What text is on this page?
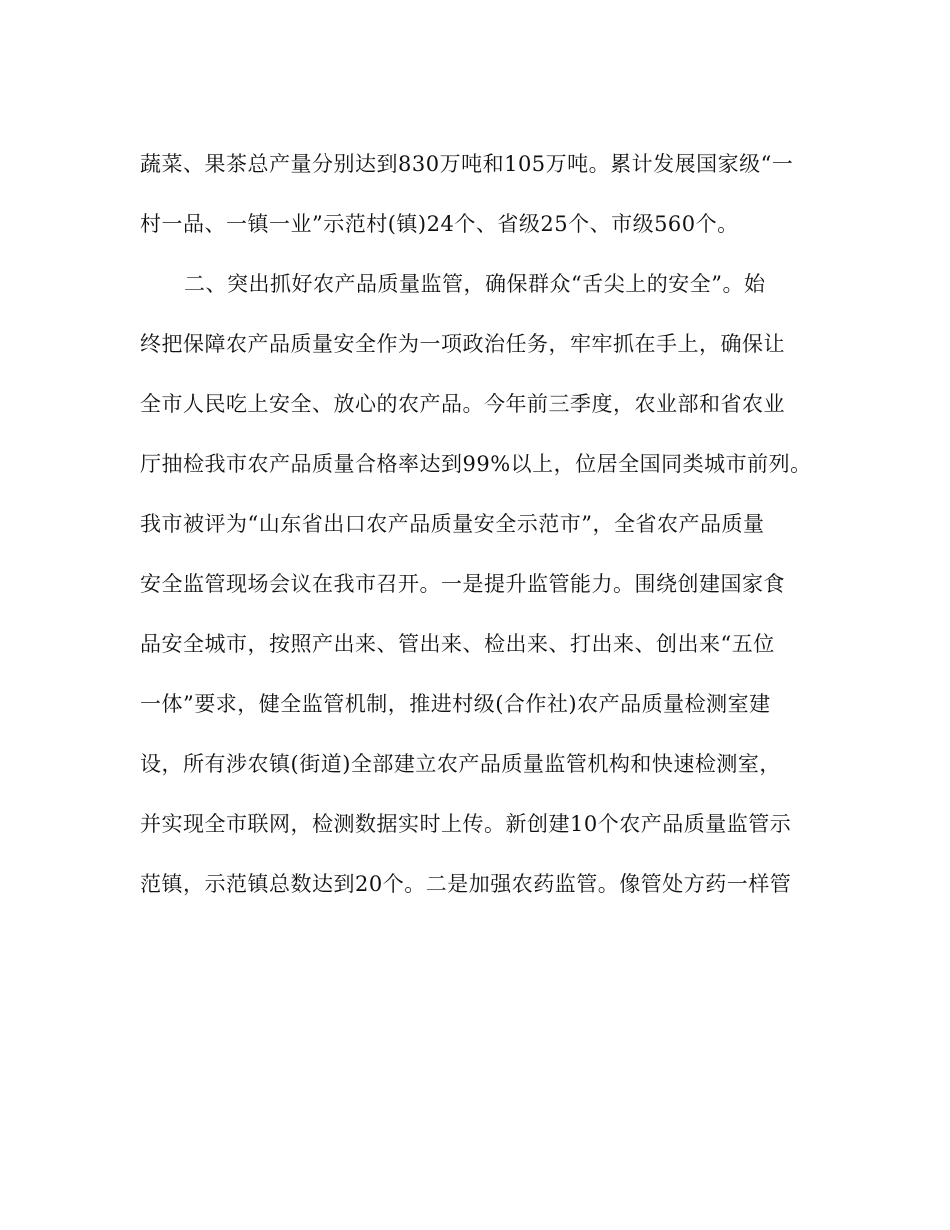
蔬菜、果茶总产量分别达到830万吨和105万吨。累计发展国家级“一
村一品、一镇一业”示范村(镇)24个、省级25个、市级560个。
二、突出抓好农产品质量监管，确保群众“舌尖上的安全”。始
终把保障农产品质量安全作为一项政治任务，牢牢抓在手上，确保让
全市人民吃上安全、放心的农产品。今年前三季度，农业部和省农业
厅抽检我市农产品质量合格率达到99%以上，位居全国同类城市前列。
我市被评为“山东省出口农产品质量安全示范市”，全省农产品质量
安全监管现场会议在我市召开。一是提升监管能力。围绕创建国家食
品安全城市，按照产出来、管出来、检出来、打出来、创出来“五位
一体”要求，健全监管机制，推进村级(合作社)农产品质量检测室建
设，所有涉农镇(街道)全部建立农产品质量监管机构和快速检测室，
并实现全市联网，检测数据实时上传。新创建10个农产品质量监管示
范镇，示范镇总数达到20个。二是加强农药监管。像管处方药一样管
